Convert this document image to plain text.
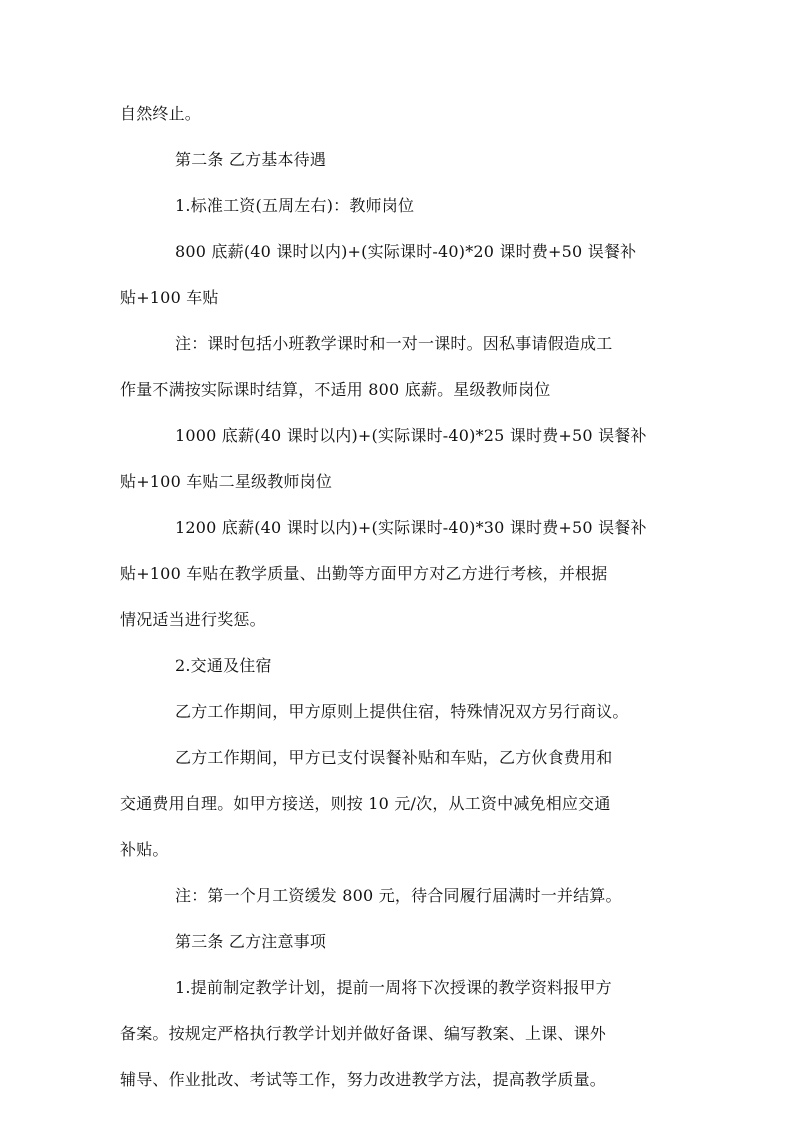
自然终止。

第二条 乙方基本待遇

1.标准工资(五周左右)：教师岗位

800 底薪(40 课时以内)+(实际课时-40)*20 课时费+50 误餐补

贴+100 车贴

注：课时包括小班教学课时和一对一课时。因私事请假造成工

作量不满按实际课时结算，不适用 800 底薪。星级教师岗位

1000 底薪(40 课时以内)+(实际课时-40)*25 课时费+50 误餐补

贴+100 车贴二星级教师岗位

1200 底薪(40 课时以内)+(实际课时-40)*30 课时费+50 误餐补

贴+100 车贴在教学质量、出勤等方面甲方对乙方进行考核，并根据

情况适当进行奖惩。

2.交通及住宿

乙方工作期间，甲方原则上提供住宿，特殊情况双方另行商议。

乙方工作期间，甲方已支付误餐补贴和车贴，乙方伙食费用和

交通费用自理。如甲方接送，则按 10 元/次，从工资中减免相应交通

补贴。

注：第一个月工资缓发 800 元，待合同履行届满时一并结算。

第三条 乙方注意事项

1.提前制定教学计划，提前一周将下次授课的教学资料报甲方

备案。按规定严格执行教学计划并做好备课、编写教案、上课、课外

辅导、作业批改、考试等工作，努力改进教学方法，提高教学质量。
